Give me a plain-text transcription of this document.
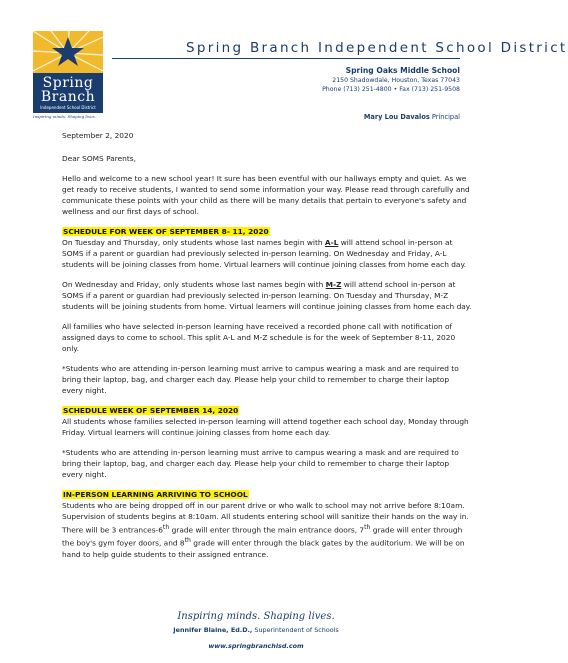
Spring
Branch
Independent School District
Inspiring minds. Shaping lives.
Spring Branch Independent School District
Spring Oaks Middle School
2150 Shadowdale, Houston, Texas 77043
Phone (713) 251-4800 • Fax (713) 251-9508
Mary Lou Davalos Principal

September 2, 2020

Dear SOMS Parents,

Hello and welcome to a new school year! It sure has been eventful with our hallways empty and quiet. As we get ready to receive students, I wanted to send some information your way. Please read through carefully and communicate these points with your child as there will be many details that pertain to everyone's safety and wellness and our first days of school.

SCHEDULE FOR WEEK OF SEPTEMBER 8- 11, 2020

On Tuesday and Thursday, only students whose last names begin with A-L will attend school in-person at SOMS if a parent or guardian had previously selected in-person learning. On Wednesday and Friday, A-L students will be joining classes from home. Virtual learners will continue joining classes from home each day.

On Wednesday and Friday, only students whose last names begin with M-Z will attend school in-person at SOMS if a parent or guardian had previously selected in-person learning. On Tuesday and Thursday, M-Z students will be joining students from home. Virtual learners will continue joining classes from home each day.

All families who have selected in-person learning have received a recorded phone call with notification of assigned days to come to school. This split A-L and M-Z schedule is for the week of September 8-11, 2020 only.

*Students who are attending in-person learning must arrive to campus wearing a mask and are required to bring their laptop, bag, and charger each day. Please help your child to remember to charge their laptop every night.

SCHEDULE WEEK OF SEPTEMBER 14, 2020

All students whose families selected in-person learning will attend together each school day, Monday through Friday. Virtual learners will continue joining classes from home each day.

*Students who are attending in-person learning must arrive to campus wearing a mask and are required to bring their laptop, bag, and charger each day. Please help your child to remember to charge their laptop every night.

IN-PERSON LEARNING ARRIVING TO SCHOOL

Students who are being dropped off in our parent drive or who walk to school may not arrive before 8:10am. Supervision of students begins at 8:10am. All students entering school will sanitize their hands on the way in. There will be 3 entrances-6th grade will enter through the main entrance doors, 7th grade will enter through the boy's gym foyer doors, and 8th grade will enter through the black gates by the auditorium. We will be on hand to help guide students to their assigned entrance.

Inspiring minds. Shaping lives.
Jennifer Blaine, Ed.D., Superintendent of Schools
www.springbranchisd.com
